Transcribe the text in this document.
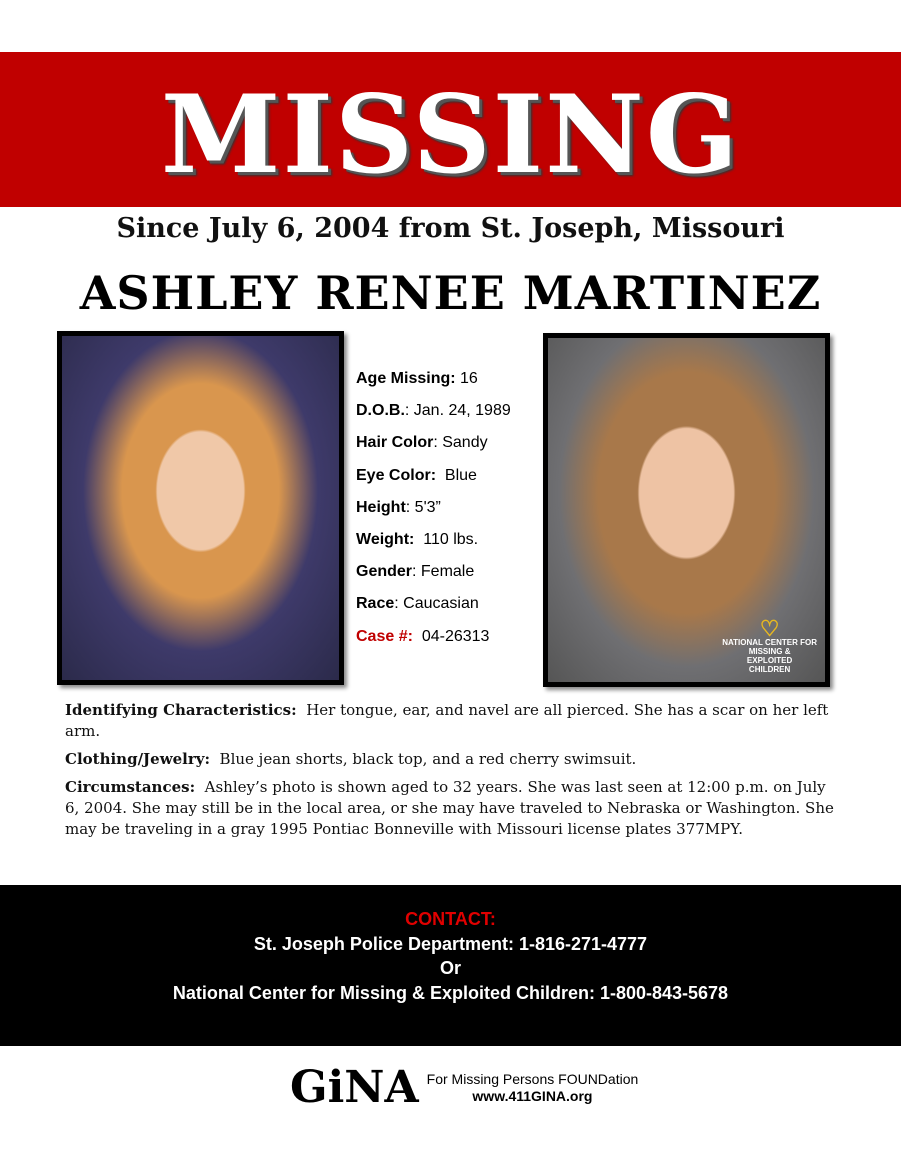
MISSING
Since July 6, 2004 from St. Joseph, Missouri
ASHLEY RENEE MARTINEZ
♡
NATIONAL CENTER FOR
MISSING &
EXPLOITED
CHILDREN
Age Missing: 16
D.O.B.: Jan. 24, 1989
Hair Color: Sandy
Eye Color: Blue
Height: 5'3”
Weight: 110 lbs.
Gender: Female
Race: Caucasian
Case #: 04-26313

Identifying Characteristics: Her tongue, ear, and navel are all pierced. She has a scar on her left arm.

Clothing/Jewelry: Blue jean shorts, black top, and a red cherry swimsuit.

Circumstances: Ashley’s photo is shown aged to 32 years. She was last seen at 12:00 p.m. on July 6, 2004. She may still be in the local area, or she may have traveled to Nebraska or Washington. She may be traveling in a gray 1995 Pontiac Bonneville with Missouri license plates 377MPY.

CONTACT:
St. Joseph Police Department: 1-816-271-4777
Or
National Center for Missing & Exploited Children: 1-800-843-5678
GiNA For Missing Persons FOUNDation
www.411GINA.org
